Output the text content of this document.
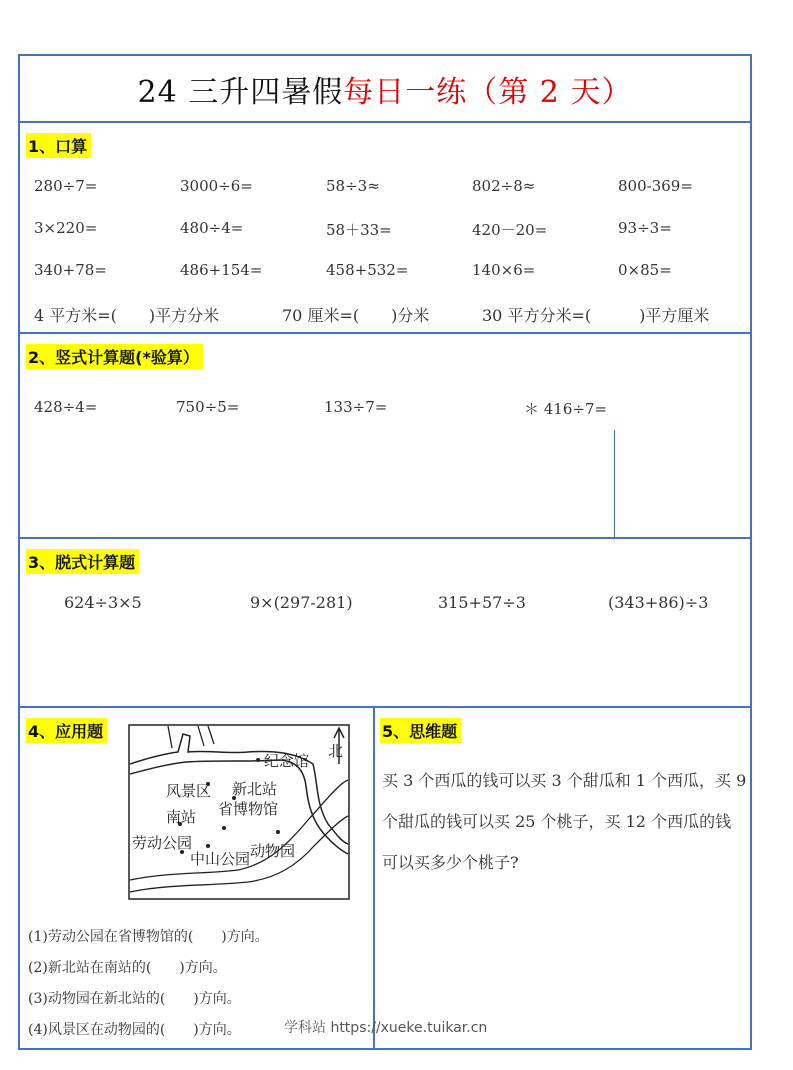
24 三升四暑假每日一练（第 2 天）
1、口算
280÷7=	3000÷6=	58÷3≈	802÷8≈	800-369=
3×220=	480÷4=	58＋33=	420－20=	93÷3=
340+78=	486+154=	458+532=	140×6=	0×85=
4 平方米=(　　)平方分米	70 厘米=(　　)分米	30 平方分米=(　　　)平方厘米
2、竖式计算题(*验算）
428÷4=	750÷5=	133÷7=	＊ 416÷7=
3、脱式计算题
624÷3×5	9×(297-281)	315+57÷3	(343+86)÷3
4、应用题
北
纪念馆
风景区 新北站
南站 省博物馆
劳动公园
中山公园 动物园
(1)劳动公园在省博物馆的(　　)方向。
(2)新北站在南站的(　　)方向。
(3)动物园在新北站的(　　)方向。
(4)风景区在动物园的(　　)方向。
5、思维题
买 3 个西瓜的钱可以买 3 个甜瓜和 1 个西瓜，买 9 个甜瓜的钱可以买 25 个桃子，买 12 个西瓜的钱可以买多少个桃子?
学科站 https://xueke.tuikar.cn
